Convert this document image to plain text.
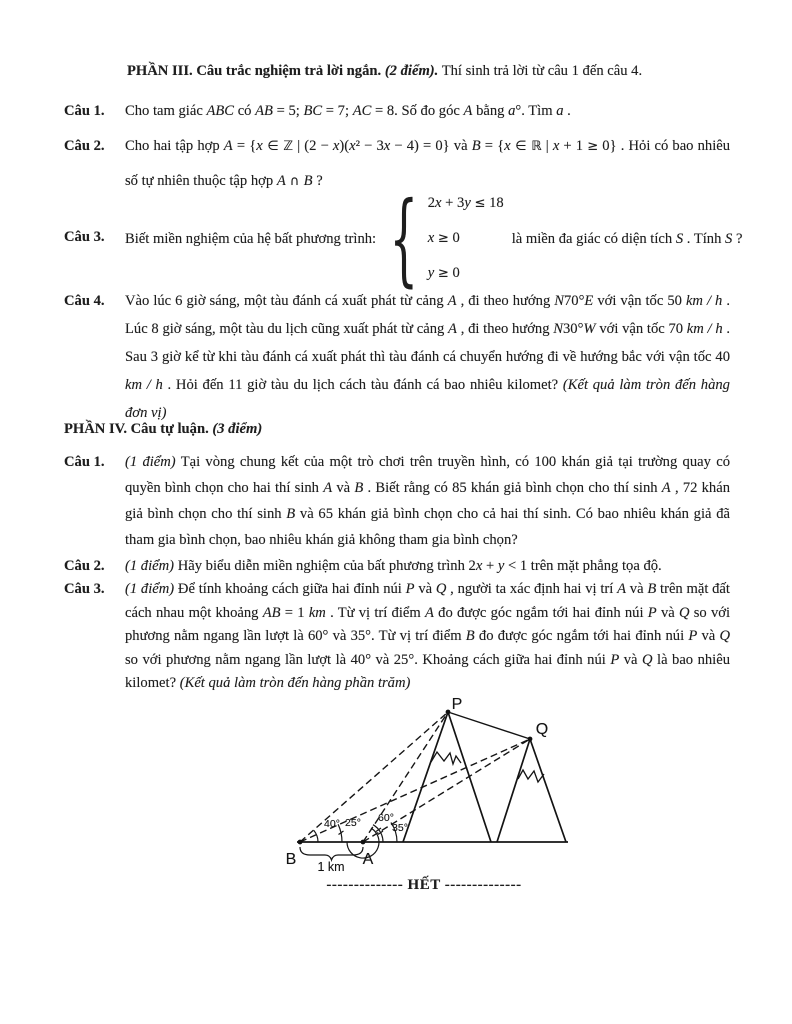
PHẦN III. Câu trắc nghiệm trả lời ngắn. (2 điểm). Thí sinh trả lời từ câu 1 đến câu 4.
Câu 1.	Cho tam giác ABC có AB = 5; BC = 7; AC = 8. Số đo góc A bằng a°. Tìm a .
Câu 2.	Cho hai tập hợp A = {x ∈ ℤ | (2 − x)(x² − 3x − 4) = 0} và B = {x ∈ ℝ | x + 1 ≥ 0} . Hỏi có bao nhiêu số tự nhiên thuộc tập hợp A ∩ B ?
Câu 3.	Biết miền nghiệm của hệ bất phương trình: { 2x + 3y ≤ 18
x ≥ 0
y ≥ 0
là miền đa giác có diện tích S . Tính S ?
Câu 4.	Vào lúc 6 giờ sáng, một tàu đánh cá xuất phát từ cảng A , đi theo hướng N70°E với vận tốc 50 km / h . Lúc 8 giờ sáng, một tàu du lịch cũng xuất phát từ cảng A , đi theo hướng N30°W với vận tốc 70 km / h . Sau 3 giờ kể từ khi tàu đánh cá xuất phát thì tàu đánh cá chuyển hướng đi về hướng bắc với vận tốc 40 km / h . Hỏi đến 11 giờ tàu du lịch cách tàu đánh cá bao nhiêu kilomet? (Kết quả làm tròn đến hàng đơn vị)
PHẦN IV. Câu tự luận. (3 điểm)
Câu 1.	(1 điểm) Tại vòng chung kết của một trò chơi trên truyền hình, có 100 khán giả tại trường quay có quyền bình chọn cho hai thí sinh A và B . Biết rằng có 85 khán giả bình chọn cho thí sinh A , 72 khán giả bình chọn cho thí sinh B và 65 khán giả bình chọn cho cả hai thí sinh. Có bao nhiêu khán giả đã tham gia bình chọn, bao nhiêu khán giả không tham gia bình chọn?
Câu 2.	(1 điểm) Hãy biểu diễn miền nghiệm của bất phương trình 2x + y < 1 trên mặt phẳng tọa độ.
Câu 3.	(1 điểm) Để tính khoảng cách giữa hai đỉnh núi P và Q , người ta xác định hai vị trí A và B trên mặt đất cách nhau một khoảng AB = 1 km . Từ vị trí điểm A đo được góc ngắm tới hai đỉnh núi P và Q so với phương nằm ngang lần lượt là 60° và 35°. Từ vị trí điểm B đo được góc ngắm tới hai đỉnh núi P và Q so với phương nằm ngang lần lượt là 40° và 25°. Khoảng cách giữa hai đỉnh núi P và Q là bao nhiêu kilomet? (Kết quả làm tròn đến hàng phần trăm)
P
Q
B	A
1 km
40° 25° 60°
35°
-------------- HẾT --------------
